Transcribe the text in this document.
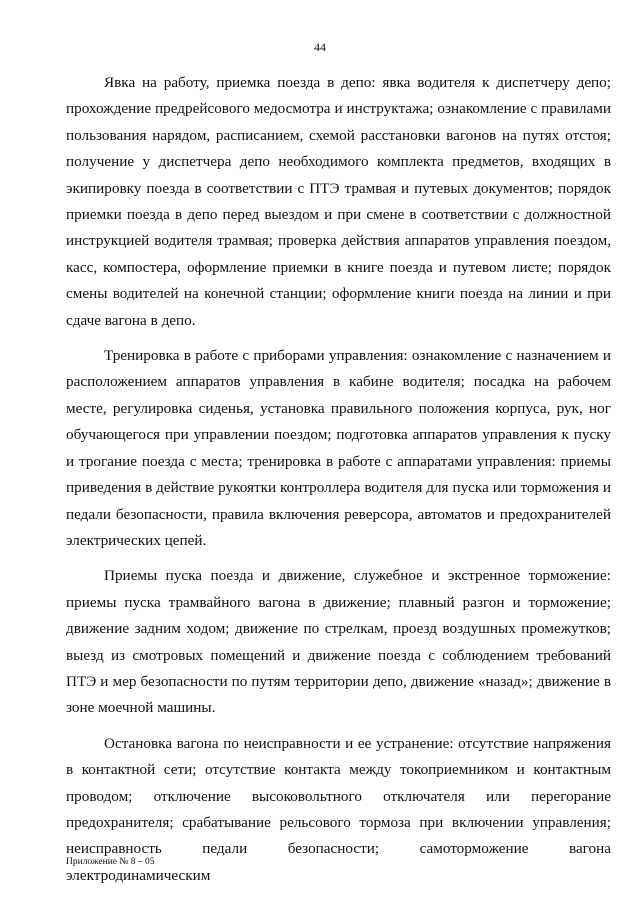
44

Явка на работу, приемка поезда в депо: явка водителя к диспетчеру депо; прохождение предрейсового медосмотра и инструктажа; ознакомление с правилами пользования нарядом, расписанием, схемой расстановки вагонов на путях отстоя; получение у диспетчера депо необходимого комплекта предметов, входящих в экипировку поезда в соответствии с ПТЭ трамвая и путевых документов; порядок приемки поезда в депо перед выездом и при смене в соответствии с должностной инструкцией водителя трамвая; проверка действия аппаратов управления поездом, касс, компостера, оформление приемки в книге поезда и путевом листе; порядок смены водителей на конечной станции; оформление книги поезда на линии и при сдаче вагона в депо.

Тренировка в работе с приборами управления: ознакомление с назначением и расположением аппаратов управления в кабине водителя; посадка на рабочем месте, регулировка сиденья, установка правильного положения корпуса, рук, ног обучающегося при управлении поездом; подготовка аппаратов управления к пуску и трогание поезда с места; тренировка в работе с аппаратами управления: приемы приведения в действие рукоятки контроллера водителя для пуска или торможения и педали безопасности, правила включения реверсора, автоматов и предохранителей электрических цепей.

Приемы пуска поезда и движение, служебное и экстренное торможение: приемы пуска трамвайного вагона в движение; плавный разгон и торможение; движение задним ходом; движение по стрелкам, проезд воздушных промежутков; выезд из смотровых помещений и движение поезда с соблюдением требований ПТЭ и мер безопасности по путям территории депо, движение «назад»; движение в зоне моечной машины.

Остановка вагона по неисправности и ее устранение: отсутствие напряжения в контактной сети; отсутствие контакта между токоприемником и контактным проводом; отключение высоковольтного отключателя или перегорание предохранителя; срабатывание рельсового тормоза при включении управления; неисправность педали безопасности; самоторможение вагона электродинамическим

Приложение № 8 – 05
